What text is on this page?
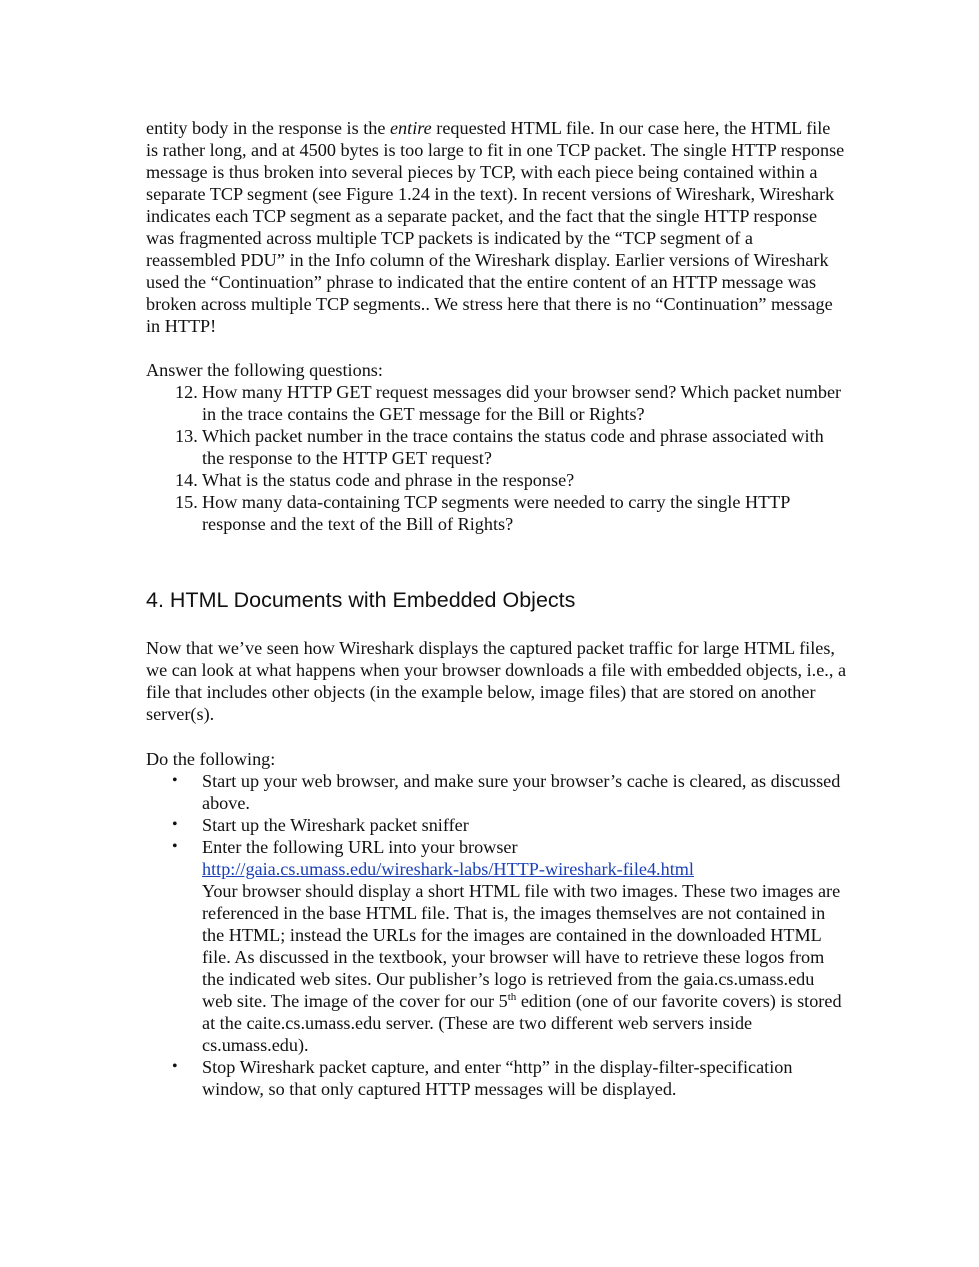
entity body in the response is the entire requested HTML file. In our case here, the HTML file is rather long, and at 4500 bytes is too large to fit in one TCP packet. The single HTTP response message is thus broken into several pieces by TCP, with each piece being contained within a separate TCP segment (see Figure 1.24 in the text). In recent versions of Wireshark, Wireshark indicates each TCP segment as a separate packet, and the fact that the single HTTP response was fragmented across multiple TCP packets is indicated by the “TCP segment of a reassembled PDU” in the Info column of the Wireshark display. Earlier versions of Wireshark used the “Continuation” phrase to indicated that the entire content of an HTTP message was broken across multiple TCP segments.. We stress here that there is no “Continuation” message in HTTP!

Answer the following questions:

12. How many HTTP GET request messages did your browser send? Which packet number in the trace contains the GET message for the Bill or Rights?
13. Which packet number in the trace contains the status code and phrase associated with the response to the HTTP GET request?
14. What is the status code and phrase in the response?
15. How many data-containing TCP segments were needed to carry the single HTTP response and the text of the Bill of Rights?
4. HTML Documents with Embedded Objects

Now that we’ve seen how Wireshark displays the captured packet traffic for large HTML files, we can look at what happens when your browser downloads a file with embedded objects, i.e., a file that includes other objects (in the example below, image files) that are stored on another server(s).

Do the following:

• Start up your web browser, and make sure your browser’s cache is cleared, as discussed above.
• Start up the Wireshark packet sniffer
• Enter the following URL into your browser
http://gaia.cs.umass.edu/wireshark-labs/HTTP-wireshark-file4.html
Your browser should display a short HTML file with two images. These two images are referenced in the base HTML file. That is, the images themselves are not contained in the HTML; instead the URLs for the images are contained in the downloaded HTML file. As discussed in the textbook, your browser will have to retrieve these logos from the indicated web sites. Our publisher’s logo is retrieved from the gaia.cs.umass.edu web site. The image of the cover for our 5th edition (one of our favorite covers) is stored at the caite.cs.umass.edu server. (These are two different web servers inside cs.umass.edu).
• Stop Wireshark packet capture, and enter “http” in the display-filter-specification window, so that only captured HTTP messages will be displayed.
